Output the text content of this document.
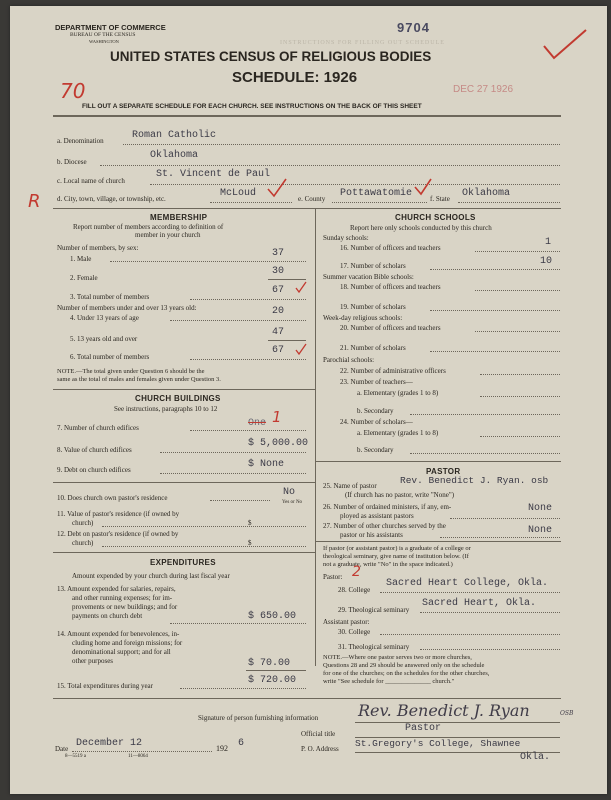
DEPARTMENT OF COMMERCE
BUREAU OF THE CENSUS
WASHINGTON
9704
INSTRUCTIONS FOR FILLING OUT SCHEDULE
UNITED STATES CENSUS OF RELIGIOUS BODIES
SCHEDULE: 1926
70	DEC 27 1926
FILL OUT A SEPARATE SCHEDULE FOR EACH CHURCH. SEE INSTRUCTIONS ON THE BACK OF THIS SHEET
a. Denomination	Roman Catholic
b. Diocese
Oklahoma
c. Local name of church
St. Vincent de Paul
R d. City, town, village, or township, etc.	McLoud	e. County Pottawatomie	f. State Oklahoma
MEMBERSHIP
Report number of members according to definition of
member in your church
Number of members, by sex:
1. Male	37
2. Female
30
3. Total number of members
67
Number of members under and over 13 years old:
4. Under 13 years of age
20
5. 13 years old and over
47
6. Total number of members
67
NOTE.—The total given under Question 6 should be the
same as the total of males and females given under Question 3.
CHURCH BUILDINGS
See instructions, paragraphs 10 to 12
7. Number of church edifices	One 1
8. Value of church edifices
$ 5,000.00
9. Debt on church edifices	$ None
10. Does church own pastor's residence	No
Yes or No
11. Value of pastor's residence (if owned by
church)	$
12. Debt on pastor's residence (if owned by
church)	$
EXPENDITURES
Amount expended by your church during last fiscal year
13. Amount expended for salaries, repairs,
and other running expenses; for im-
provements or new buildings; and for
payments on church debt	$ 650.00
14. Amount expended for benevolences, in-
cluding home and foreign missions; for
denominational support; and for all
other purposes	$ 70.00
15. Total expenditures during year	$ 720.00
CHURCH SCHOOLS
Report here only schools conducted by this church
Sunday schools:
16. Number of officers and teachers	1
17. Number of scholars	10
Summer vacation Bible schools:
18. Number of officers and teachers
19. Number of scholars
Week-day religious schools:
20. Number of officers and teachers
21. Number of scholars
Parochial schools:
22. Number of administrative officers
23. Number of teachers—
a. Elementary (grades 1 to 8)
b. Secondary
24. Number of scholars—
a. Elementary (grades 1 to 8)
b. Secondary
PASTOR
25. Name of pastor Rev. Benedict J. Ryan. osb
(If church has no pastor, write "None")
26. Number of ordained ministers, if any, em-
ployed as assistant pastors
None
27. Number of other churches served by the
pastor or his assistants	None
If pastor (or assistant pastor) is a graduate of a college or
theological seminary, give name of institution below. (If
not a graduate, write "No" in the space indicated.)
Pastor: 2
28. College
Sacred Heart College, Okla.
29. Theological seminary
Sacred Heart, Okla.
Assistant pastor:
30. College
31. Theological seminary
NOTE.—Where one pastor serves two or more churches,
Questions 28 and 29 should be answered only on the schedule
for one of the churches; on the schedules for the other churches,
write "See schedule for ______________ church."
Signature of person furnishing information Rev. Benedict J. Ryan	OSB
Official title	Pastor
Date December 12	192 6
8—5519 a	11—8064
P. O. Address St.Gregory's College, Shawnee
Okla.
